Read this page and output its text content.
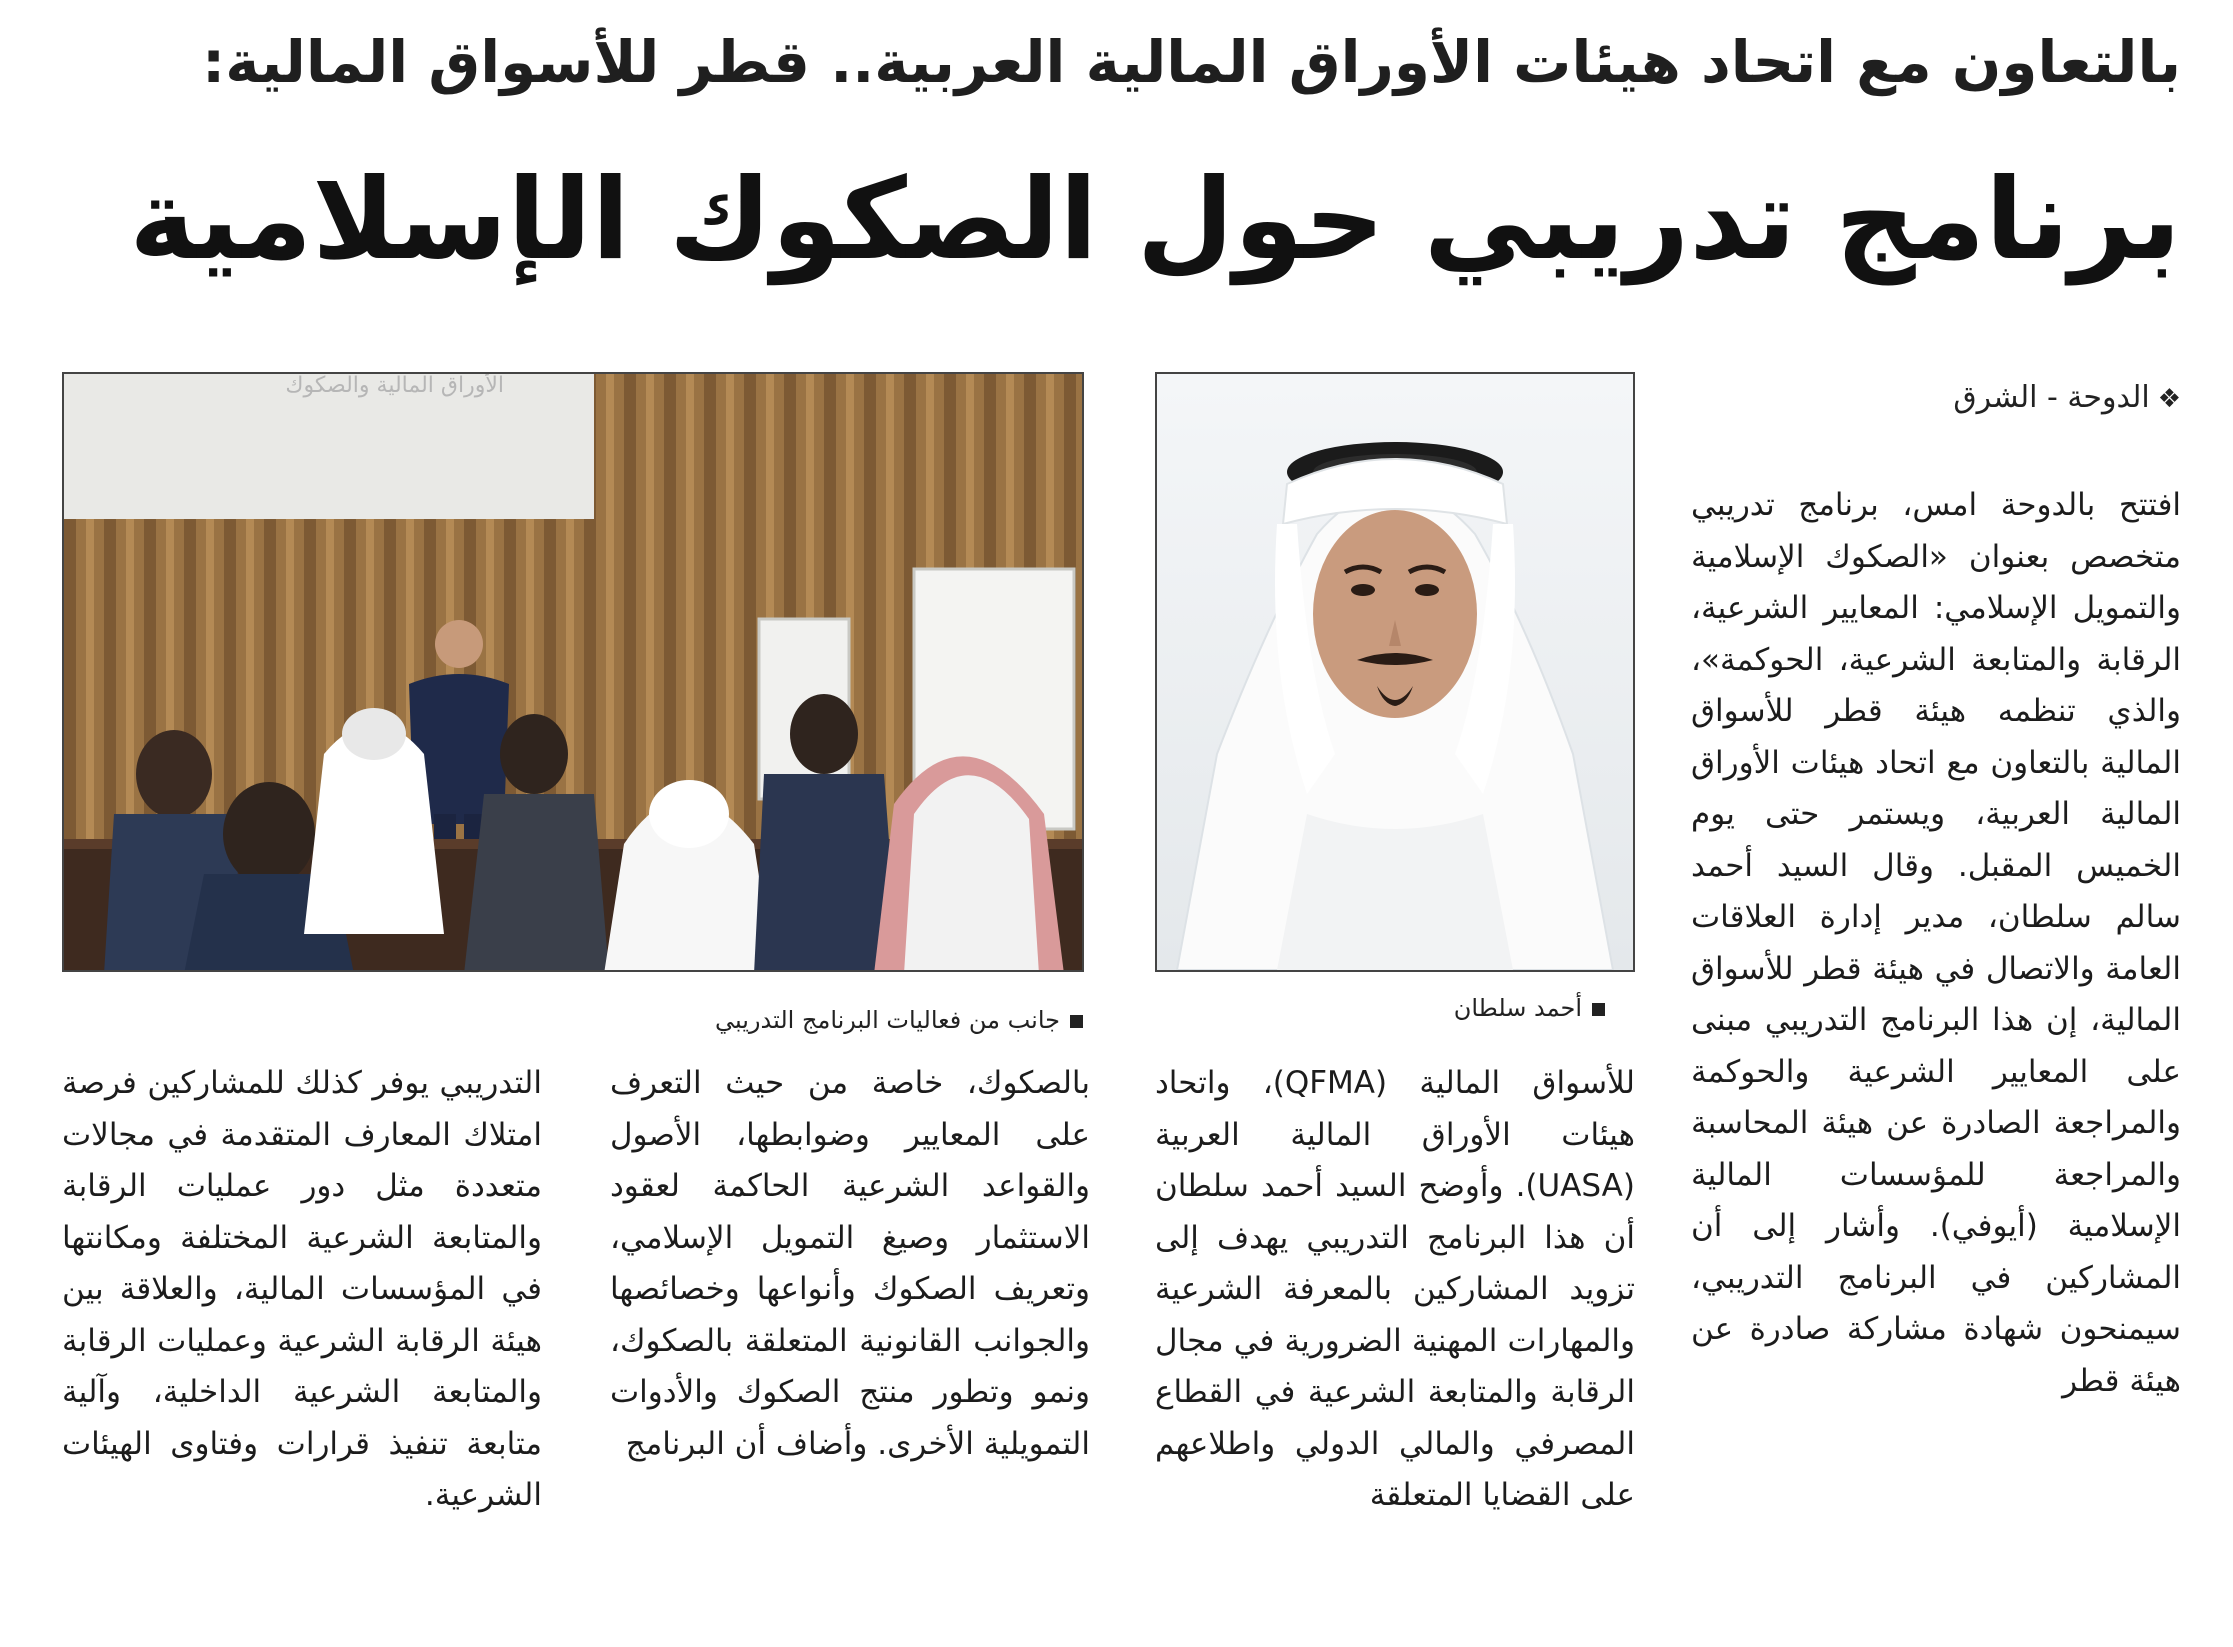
بالتعاون مع اتحاد هيئات الأوراق المالية العربية.. قطر للأسواق المالية:
برنامج تدريبي حول الصكوك الإسلامية
❖الدوحة - الشرق

افتتح بالدوحة امس، برنامج تدريبي متخصص بعنوان «الصكوك الإسلامية والتمويل الإسلامي: المعايير الشرعية، الرقابة والمتابعة الشرعية، الحوكمة»، والذي تنظمه هيئة قطر للأسواق المالية بالتعاون مع اتحاد هيئات الأوراق المالية العربية، ويستمر حتى يوم الخميس المقبل. وقال السيد أحمد سالم سلطان، مدير إدارة العلاقات العامة والاتصال في هيئة قطر للأسواق المالية، إن هذا البرنامج التدريبي مبنى على المعايير الشرعية والحوكمة والمراجعة الصادرة عن هيئة المحاسبة والمراجعة للمؤسسات المالية الإسلامية (أيوفي). وأشار إلى أن المشاركين في البرنامج التدريبي، سيمنحون شهادة مشاركة صادرة عن هيئة قطر

للأسواق المالية (QFMA)، واتحاد هيئات الأوراق المالية العربية (UASA). وأوضح السيد أحمد سلطان أن هذا البرنامج التدريبي يهدف إلى تزويد المشاركين بالمعرفة الشرعية والمهارات المهنية الضرورية في مجال الرقابة والمتابعة الشرعية في القطاع المصرفي والمالي الدولي واطلاعهم على القضايا المتعلقة

بالصكوك، خاصة من حيث التعرف على المعايير وضوابطها، الأصول والقواعد الشرعية الحاكمة لعقود الاستثمار وصيغ التمويل الإسلامي، وتعريف الصكوك وأنواعها وخصائصها والجوانب القانونية المتعلقة بالصكوك، ونمو وتطور منتج الصكوك والأدوات التمويلية الأخرى. وأضاف أن البرنامج

التدريبي يوفر كذلك للمشاركين فرصة امتلاك المعارف المتقدمة في مجالات متعددة مثل دور عمليات الرقابة والمتابعة الشرعية المختلفة ومكانتها في المؤسسات المالية، والعلاقة بين هيئة الرقابة الشرعية وعمليات الرقابة والمتابعة الشرعية الداخلية، وآلية متابعة تنفيذ قرارات وفتاوى الهيئات الشرعية.

أحمد سلطان
الأوراق المالية والصكوك
جانب من فعاليات البرنامج التدريبي
